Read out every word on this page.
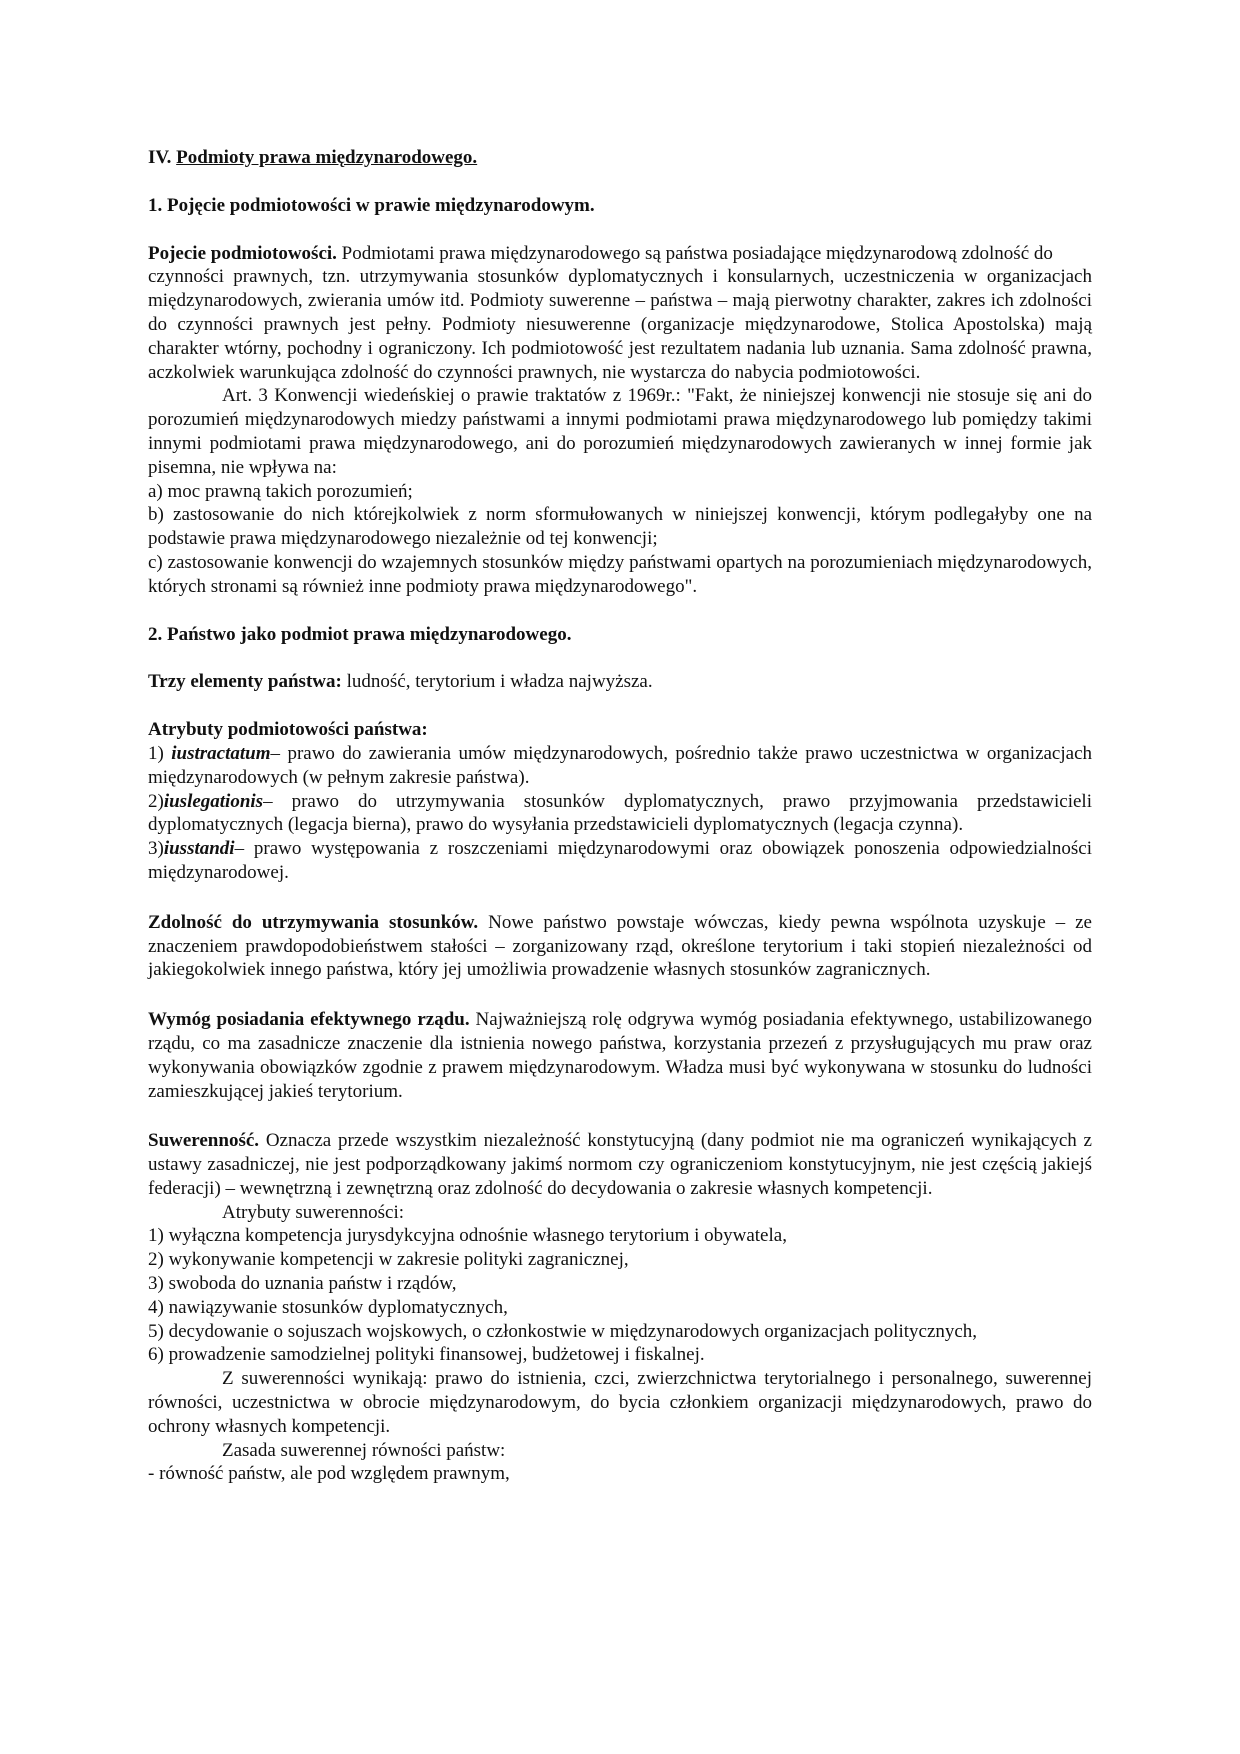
IV. Podmioty prawa międzynarodowego.

1. Pojęcie podmiotowości w prawie międzynarodowym.

Pojecie podmiotowości. Podmiotami prawa międzynarodowego są państwa posiadające międzynarodową zdolność do

czynności prawnych, tzn. utrzymywania stosunków dyplomatycznych i konsularnych, uczestniczenia w organizacjach międzynarodowych, zwierania umów itd. Podmioty suwerenne – państwa – mają pierwotny charakter, zakres ich zdolności do czynności prawnych jest pełny. Podmioty niesuwerenne (organizacje międzynarodowe, Stolica Apostolska) mają charakter wtórny, pochodny i ograniczony. Ich podmiotowość jest rezultatem nadania lub uznania. Sama zdolność prawna, aczkolwiek warunkująca zdolność do czynności prawnych, nie wystarcza do nabycia podmiotowości.

Art. 3 Konwencji wiedeńskiej o prawie traktatów z 1969r.: "Fakt, że niniejszej konwencji nie stosuje się ani do porozumień międzynarodowych miedzy państwami a innymi podmiotami prawa międzynarodowego lub pomiędzy takimi innymi podmiotami prawa międzynarodowego, ani do porozumień międzynarodowych zawieranych w innej formie jak pisemna, nie wpływa na:

a) moc prawną takich porozumień;

b) zastosowanie do nich którejkolwiek z norm sformułowanych w niniejszej konwencji, którym podlegałyby one na podstawie prawa międzynarodowego niezależnie od tej konwencji;

c) zastosowanie konwencji do wzajemnych stosunków między państwami opartych na porozumieniach międzynarodowych, których stronami są również inne podmioty prawa międzynarodowego".

2. Państwo jako podmiot prawa międzynarodowego.

Trzy elementy państwa: ludność, terytorium i władza najwyższa.

Atrybuty podmiotowości państwa:

1) iustractatum– prawo do zawierania umów międzynarodowych, pośrednio także prawo uczestnictwa w organizacjach międzynarodowych (w pełnym zakresie państwa).

2)iuslegationis– prawo do utrzymywania stosunków dyplomatycznych, prawo przyjmowania przedstawicieli dyplomatycznych (legacja bierna), prawo do wysyłania przedstawicieli dyplomatycznych (legacja czynna).

3)iusstandi– prawo występowania z roszczeniami międzynarodowymi oraz obowiązek ponoszenia odpowiedzialności międzynarodowej.

Zdolność do utrzymywania stosunków. Nowe państwo powstaje wówczas, kiedy pewna wspólnota uzyskuje – ze znaczeniem prawdopodobieństwem stałości – zorganizowany rząd, określone terytorium i taki stopień niezależności od jakiegokolwiek innego państwa, który jej umożliwia prowadzenie własnych stosunków zagranicznych.

Wymóg posiadania efektywnego rządu. Najważniejszą rolę odgrywa wymóg posiadania efektywnego, ustabilizowanego rządu, co ma zasadnicze znaczenie dla istnienia nowego państwa, korzystania przezeń z przysługujących mu praw oraz wykonywania obowiązków zgodnie z prawem międzynarodowym. Władza musi być wykonywana w stosunku do ludności zamieszkującej jakieś terytorium.

Suwerenność. Oznacza przede wszystkim niezależność konstytucyjną (dany podmiot nie ma ograniczeń wynikających z ustawy zasadniczej, nie jest podporządkowany jakimś normom czy ograniczeniom konstytucyjnym, nie jest częścią jakiejś federacji) – wewnętrzną i zewnętrzną oraz zdolność do decydowania o zakresie własnych kompetencji.

Atrybuty suwerenności:

1) wyłączna kompetencja jurysdykcyjna odnośnie własnego terytorium i obywatela,

2) wykonywanie kompetencji w zakresie polityki zagranicznej,

3) swoboda do uznania państw i rządów,

4) nawiązywanie stosunków dyplomatycznych,

5) decydowanie o sojuszach wojskowych, o członkostwie w międzynarodowych organizacjach politycznych,

6) prowadzenie samodzielnej polityki finansowej, budżetowej i fiskalnej.

Z suwerenności wynikają: prawo do istnienia, czci, zwierzchnictwa terytorialnego i personalnego, suwerennej równości, uczestnictwa w obrocie międzynarodowym, do bycia członkiem organizacji międzynarodowych, prawo do ochrony własnych kompetencji.

Zasada suwerennej równości państw:

- równość państw, ale pod względem prawnym,
